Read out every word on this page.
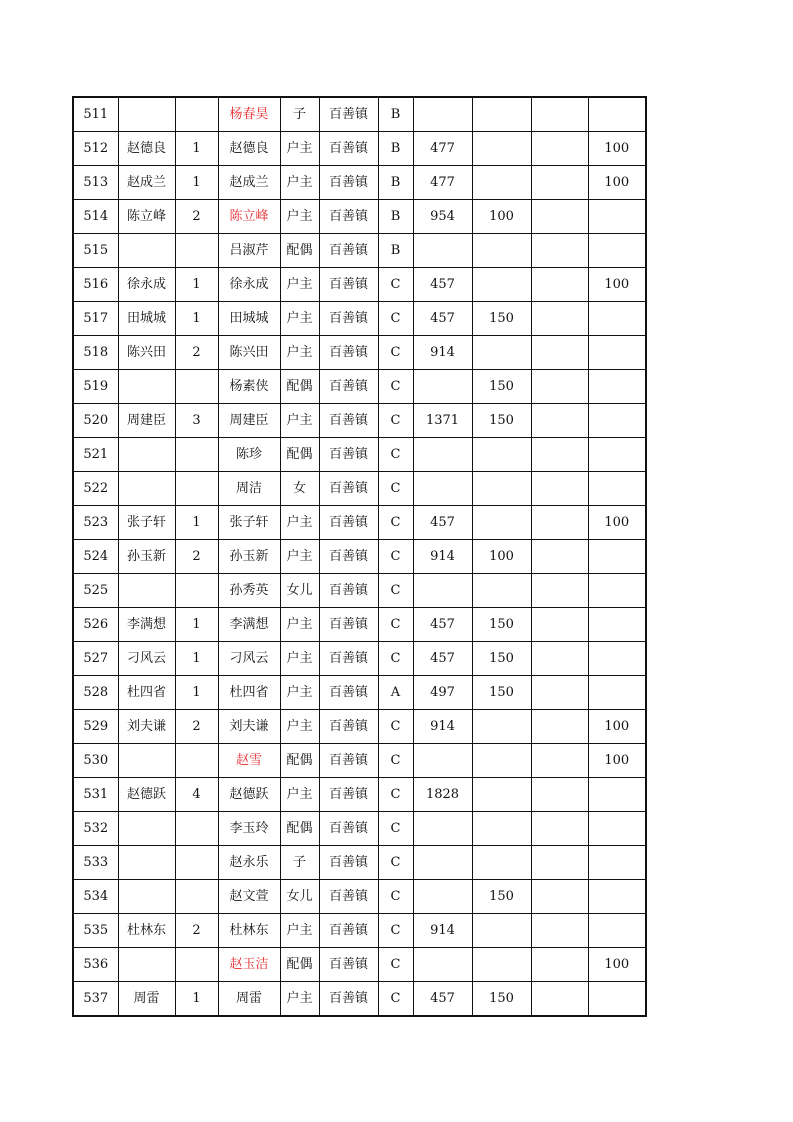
511			杨春昊	子	百善镇	B				
512	赵德良	1	赵德良	户主	百善镇	B	477			100
513	赵成兰	1	赵成兰	户主	百善镇	B	477			100
514	陈立峰	2	陈立峰	户主	百善镇	B	954	100		
515			吕淑芹	配偶	百善镇	B				
516	徐永成	1	徐永成	户主	百善镇	C	457			100
517	田城城	1	田城城	户主	百善镇	C	457	150		
518	陈兴田	2	陈兴田	户主	百善镇	C	914			
519			杨素侠	配偶	百善镇	C		150		
520	周建臣	3	周建臣	户主	百善镇	C	1371	150		
521			陈珍	配偶	百善镇	C				
522			周洁	女	百善镇	C				
523	张子轩	1	张子轩	户主	百善镇	C	457			100
524	孙玉新	2	孙玉新	户主	百善镇	C	914	100		
525			孙秀英	女儿	百善镇	C				
526	李满想	1	李满想	户主	百善镇	C	457	150		
527	刁风云	1	刁风云	户主	百善镇	C	457	150		
528	杜四省	1	杜四省	户主	百善镇	A	497	150		
529	刘夫谦	2	刘夫谦	户主	百善镇	C	914			100
530			赵雪	配偶	百善镇	C				100
531	赵德跃	4	赵德跃	户主	百善镇	C	1828			
532			李玉玲	配偶	百善镇	C				
533			赵永乐	子	百善镇	C				
534			赵文萱	女儿	百善镇	C		150		
535	杜林东	2	杜林东	户主	百善镇	C	914			
536			赵玉洁	配偶	百善镇	C				100
537	周雷	1	周雷	户主	百善镇	C	457	150		
